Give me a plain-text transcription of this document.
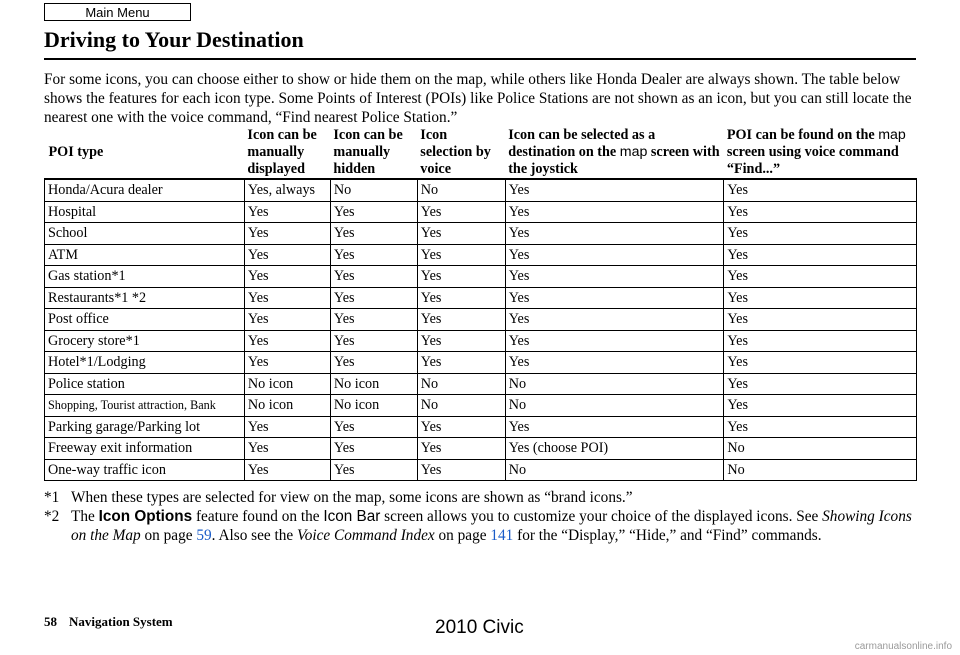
Main Menu
Driving to Your Destination

For some icons, you can choose either to show or hide them on the map, while others like Honda Dealer are always shown. The table below shows the features for each icon type. Some Points of Interest (POIs) like Police Stations are not shown as an icon, but you can still locate the nearest one with the voice command, “Find nearest Police Station.”

POI type	Icon can be manually displayed	Icon can be manually hidden	Icon selection by voice	Icon can be selected as a destination on the map screen with the joystick	POI can be found on the map screen using voice command “Find...”
Honda/Acura dealer	Yes, always	No	No	Yes	Yes
Hospital	Yes	Yes	Yes	Yes	Yes
School	Yes	Yes	Yes	Yes	Yes
ATM	Yes	Yes	Yes	Yes	Yes
Gas station*1	Yes	Yes	Yes	Yes	Yes
Restaurants*1 *2	Yes	Yes	Yes	Yes	Yes
Post office	Yes	Yes	Yes	Yes	Yes
Grocery store*1	Yes	Yes	Yes	Yes	Yes
Hotel*1/Lodging	Yes	Yes	Yes	Yes	Yes
Police station	No icon	No icon	No	No	Yes
Shopping, Tourist attraction, Bank	No icon	No icon	No	No	Yes
Parking garage/Parking lot	Yes	Yes	Yes	Yes	Yes
Freeway exit information	Yes	Yes	Yes	Yes (choose POI)	No
One-way traffic icon	Yes	Yes	Yes	No	No
*1 When these types are selected for view on the map, some icons are shown as “brand icons.”
*2 The Icon Options feature found on the Icon Bar screen allows you to customize your choice of the displayed icons. See Showing Icons on the Map on page 59. Also see the Voice Command Index on page 141 for the “Display,” “Hide,” and “Find” commands.
58 Navigation System	2010 Civic
carmanualsonline.info
